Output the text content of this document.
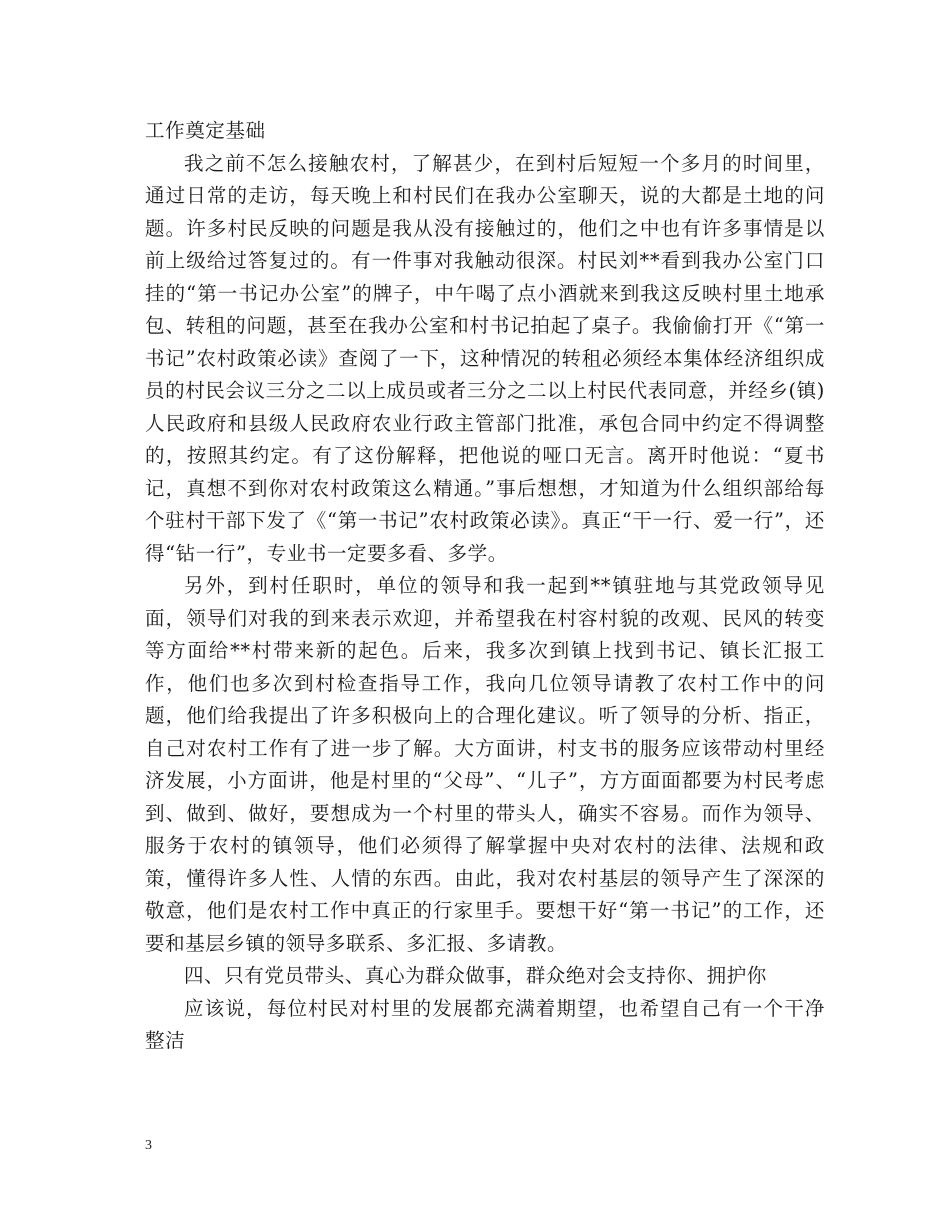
工作奠定基础

我之前不怎么接触农村，了解甚少，在到村后短短一个多月的时间里，通过日常的走访，每天晚上和村民们在我办公室聊天，说的大都是土地的问题。许多村民反映的问题是我从没有接触过的，他们之中也有许多事情是以前上级给过答复过的。有一件事对我触动很深。村民刘**看到我办公室门口挂的“第一书记办公室”的牌子，中午喝了点小酒就来到我这反映村里土地承包、转租的问题，甚至在我办公室和村书记拍起了桌子。我偷偷打开《“第一书记”农村政策必读》查阅了一下，这种情况的转租必须经本集体经济组织成员的村民会议三分之二以上成员或者三分之二以上村民代表同意，并经乡(镇)人民政府和县级人民政府农业行政主管部门批准，承包合同中约定不得调整的，按照其约定。有了这份解释，把他说的哑口无言。离开时他说：“夏书记，真想不到你对农村政策这么精通。”事后想想，才知道为什么组织部给每个驻村干部下发了《“第一书记”农村政策必读》。真正“干一行、爱一行”，还得“钻一行”，专业书一定要多看、多学。

另外，到村任职时，单位的领导和我一起到**镇驻地与其党政领导见面，领导们对我的到来表示欢迎，并希望我在村容村貌的改观、民风的转变等方面给**村带来新的起色。后来，我多次到镇上找到书记、镇长汇报工作，他们也多次到村检查指导工作，我向几位领导请教了农村工作中的问题，他们给我提出了许多积极向上的合理化建议。听了领导的分析、指正，自己对农村工作有了进一步了解。大方面讲，村支书的服务应该带动村里经济发展，小方面讲，他是村里的“父母”、“儿子”，方方面面都要为村民考虑到、做到、做好，要想成为一个村里的带头人，确实不容易。而作为领导、服务于农村的镇领导，他们必须得了解掌握中央对农村的法律、法规和政策，懂得许多人性、人情的东西。由此，我对农村基层的领导产生了深深的敬意，他们是农村工作中真正的行家里手。要想干好“第一书记”的工作，还要和基层乡镇的领导多联系、多汇报、多请教。

四、只有党员带头、真心为群众做事，群众绝对会支持你、拥护你

应该说，每位村民对村里的发展都充满着期望，也希望自己有一个干净整洁

3
